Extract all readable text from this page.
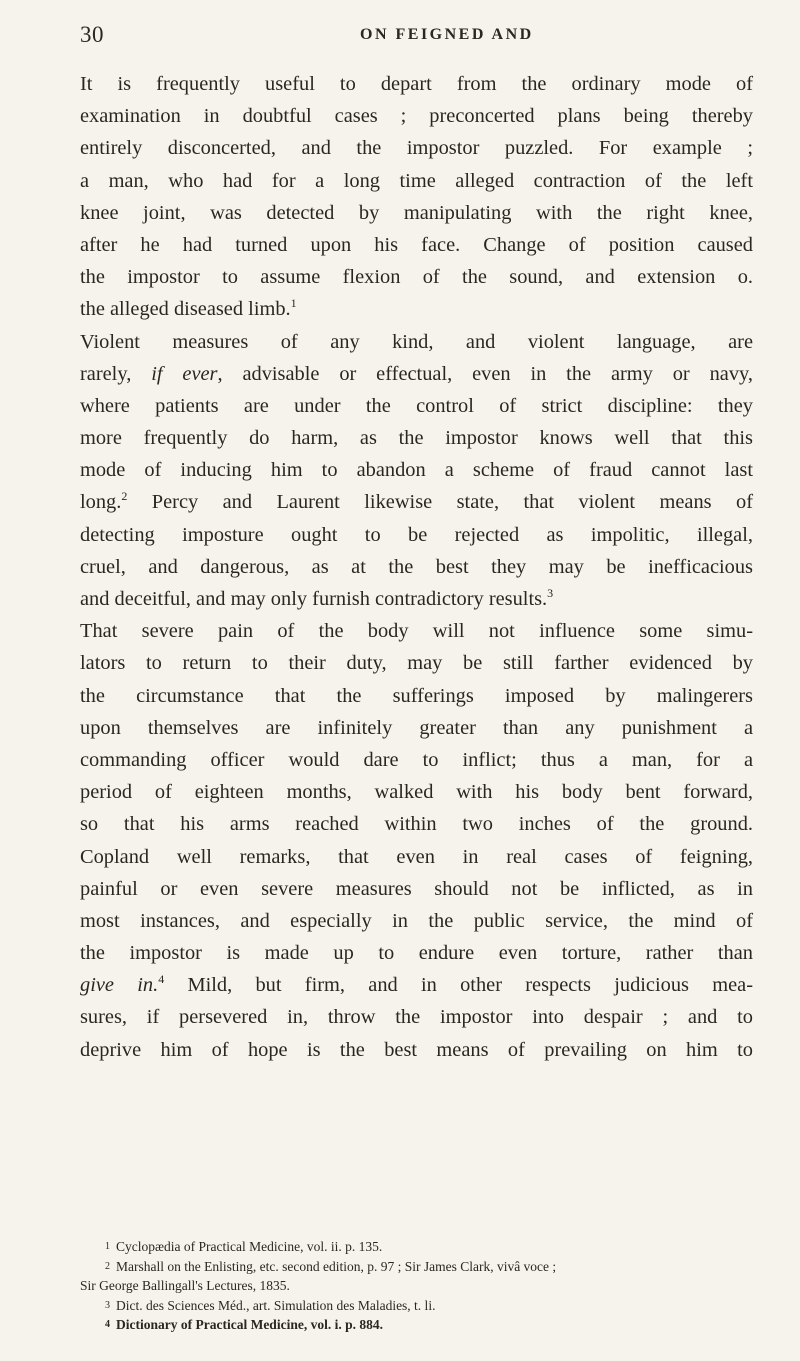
30	ON FEIGNED AND
It is frequently useful to depart from the ordinary mode of
examination in doubtful cases ; preconcerted plans being thereby
entirely disconcerted, and the impostor puzzled. For example ;
a man, who had for a long time alleged contraction of the left
knee joint, was detected by manipulating with the right knee,
after he had turned upon his face. Change of position caused
the impostor to assume flexion of the sound, and extension o.
the alleged diseased limb.$^1$
Violent measures of any kind, and violent language, are
rarely, if ever, advisable or effectual, even in the army or navy,
where patients are under the control of strict discipline: they
more frequently do harm, as the impostor knows well that this
mode of inducing him to abandon a scheme of fraud cannot last
long.$^2$ Percy and Laurent likewise state, that violent means of
detecting imposture ought to be rejected as impolitic, illegal,
cruel, and dangerous, as at the best they may be inefficacious
and deceitful, and may only furnish contradictory results.$^3$
That severe pain of the body will not influence some simu-
lators to return to their duty, may be still farther evidenced by
the circumstance that the sufferings imposed by malingerers
upon themselves are infinitely greater than any punishment a
commanding officer would dare to inflict; thus a man, for a
period of eighteen months, walked with his body bent forward,
so that his arms reached within two inches of the ground.
Copland well remarks, that even in real cases of feigning,
painful or even severe measures should not be inflicted, as in
most instances, and especially in the public service, the mind of
the impostor is made up to endure even torture, rather than
give in.$^4$ Mild, but firm, and in other respects judicious mea-
sures, if persevered in, throw the impostor into despair ; and to
deprive him of hope is the best means of prevailing on him to
1 Cyclopædia of Practical Medicine, vol. ii. p. 135.
2 Marshall on the Enlisting, etc. second edition, p. 97 ; Sir James Clark, vivâ voce ;
Sir George Ballingall's Lectures, 1835.
3 Dict. des Sciences Méd., art. Simulation des Maladies, t. li.
4 Dictionary of Practical Medicine, vol. i. p. 884.
